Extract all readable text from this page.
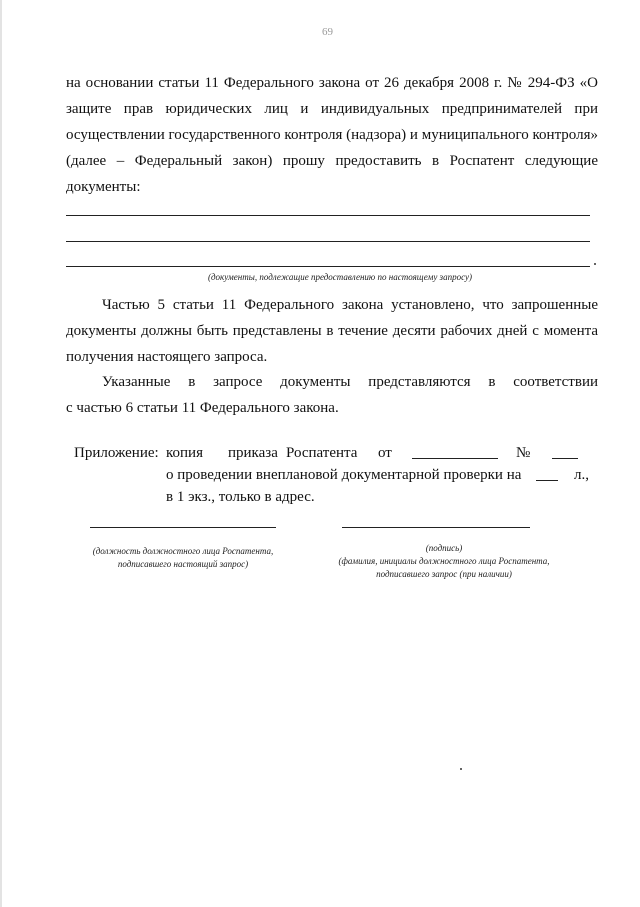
69
на основании статьи 11 Федерального закона от 26 декабря 2008 г. № 294-ФЗ «О
защите прав юридических лиц и индивидуальных предпринимателей при
осуществлении государственного контроля (надзора) и муниципального контроля»
(далее – Федеральный закон) прошу предоставить в Роспатент следующие
документы:
(документы, подлежащие предоставлению по настоящему запросу)
Частью 5 статьи 11 Федерального закона установлено, что запрошенные
документы должны быть представлены в течение десяти рабочих дней с момента
получения настоящего запроса.
Указанные в запросе документы представляются в соответствии
с частью 6 статьи 11 Федерального закона.
Приложение: копия приказа Роспатента от	№
о проведении внеплановой документарной проверки на	л.,
в 1 экз., только в адрес.
(должность должностного лица Роспатента,
подписавшего настоящий запрос)
(подпись)
(фамилия, инициалы должностного лица Роспатента,
подписавшего запрос (при наличии)
